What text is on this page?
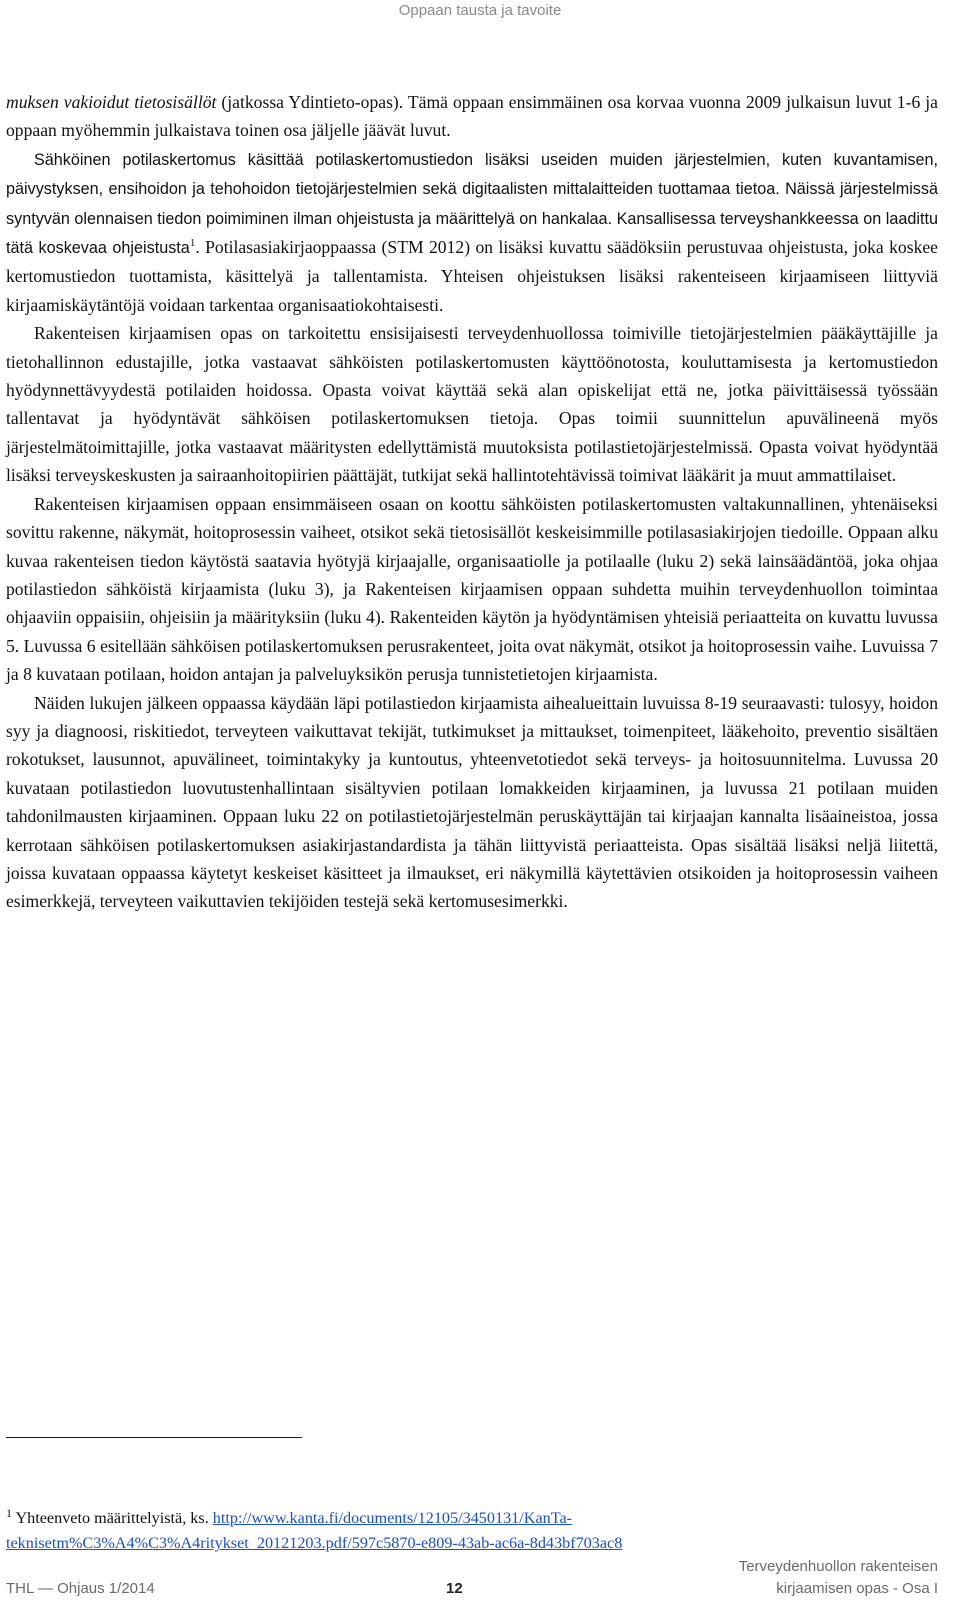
Oppaan tausta ja tavoite

muksen vakioidut tietosisällöt (jatkossa Ydintieto-opas). Tämä oppaan ensimmäinen osa korvaa vuonna 2009 julkaisun luvut 1-6 ja oppaan myöhemmin julkaistava toinen osa jäljelle jäävät luvut.

Sähköinen potilaskertomus käsittää potilaskertomustiedon lisäksi useiden muiden järjestelmien, kuten kuvantamisen, päivystyksen, ensihoidon ja tehohoidon tietojärjestelmien sekä digitaalisten mittalaitteiden tuottamaa tietoa. Näissä järjestelmissä syntyvän olennaisen tiedon poimiminen ilman ohjeistusta ja määrittelyä on hankalaa. Kansallisessa terveyshankkeessa on laadittu tätä koskevaa ohjeistusta$^1$. Potilasasiakirjaoppaassa (STM 2012) on lisäksi kuvattu säädöksiin perustuvaa ohjeistusta, joka koskee kertomustiedon tuottamista, käsittelyä ja tallentamista. Yhteisen ohjeistuksen lisäksi rakenteiseen kirjaamiseen liittyviä kirjaamiskäytäntöjä voidaan tarkentaa organisaatiokohtaisesti.

Rakenteisen kirjaamisen opas on tarkoitettu ensisijaisesti terveydenhuollossa toimiville tietojärjestelmien pääkäyttäjille ja tietohallinnon edustajille, jotka vastaavat sähköisten potilaskertomusten käyttöönotosta, kouluttamisesta ja kertomustiedon hyödynnettävyydestä potilaiden hoidossa. Opasta voivat käyttää sekä alan opiskelijat että ne, jotka päivittäisessä työssään tallentavat ja hyödyntävät sähköisen potilaskertomuksen tietoja. Opas toimii suunnittelun apuvälineenä myös järjestelmätoimittajille, jotka vastaavat määritysten edellyttämistä muutoksista potilastietojärjestelmissä. Opasta voivat hyödyntää lisäksi terveyskeskusten ja sairaanhoitopiirien päättäjät, tutkijat sekä hallintotehtävissä toimivat lääkärit ja muut ammattilaiset.

Rakenteisen kirjaamisen oppaan ensimmäiseen osaan on koottu sähköisten potilaskertomusten valtakunnallinen, yhtenäiseksi sovittu rakenne, näkymät, hoitoprosessin vaiheet, otsikot sekä tietosisällöt keskeisimmille potilasasiakirjojen tiedoille. Oppaan alku kuvaa rakenteisen tiedon käytöstä saatavia hyötyjä kirjaajalle, organisaatiolle ja potilaalle (luku 2) sekä lainsäädäntöä, joka ohjaa potilastiedon sähköistä kirjaamista (luku 3), ja Rakenteisen kirjaamisen oppaan suhdetta muihin terveydenhuollon toimintaa ohjaaviin oppaisiin, ohjeisiin ja määrityksiin (luku 4). Rakenteiden käytön ja hyödyntämisen yhteisiä periaatteita on kuvattu luvussa 5. Luvussa 6 esitellään sähköisen potilaskertomuksen perusrakenteet, joita ovat näkymät, otsikot ja hoitoprosessin vaihe. Luvuissa 7 ja 8 kuvataan potilaan, hoidon antajan ja palveluyksikön perusja tunnistetietojen kirjaamista.

Näiden lukujen jälkeen oppaassa käydään läpi potilastiedon kirjaamista aihealueittain luvuissa 8-19 seuraavasti: tulosyy, hoidon syy ja diagnoosi, riskitiedot, terveyteen vaikuttavat tekijät, tutkimukset ja mittaukset, toimenpiteet, lääkehoito, preventio sisältäen rokotukset, lausunnot, apuvälineet, toimintakyky ja kuntoutus, yhteenvetotiedot sekä terveys- ja hoitosuunnitelma. Luvussa 20 kuvataan potilastiedon luovutustenhallintaan sisältyvien potilaan lomakkeiden kirjaaminen, ja luvussa 21 potilaan muiden tahdonilmausten kirjaaminen. Oppaan luku 22 on potilastietojärjestelmän peruskäyttäjän tai kirjaajan kannalta lisäaineistoa, jossa kerrotaan sähköisen potilaskertomuksen asiakirjastandardista ja tähän liittyvistä periaatteista. Opas sisältää lisäksi neljä liitettä, joissa kuvataan oppaassa käytetyt keskeiset käsitteet ja ilmaukset, eri näkymillä käytettävien otsikoiden ja hoitoprosessin vaiheen esimerkkejä, terveyteen vaikuttavien tekijöiden testejä sekä kertomusesimerkki.

$^1$ Yhteenveto määrittelyistä, ks. http://www.kanta.fi/documents/12105/3450131/KanTa-teknisetm%C3%A4%C3%A4ritykset_20121203.pdf/597c5870-e809-43ab-ac6a-8d43bf703ac8
THL — Ohjaus 1/2014	12
Terveydenhuollon rakenteisen
kirjaamisen opas - Osa I
